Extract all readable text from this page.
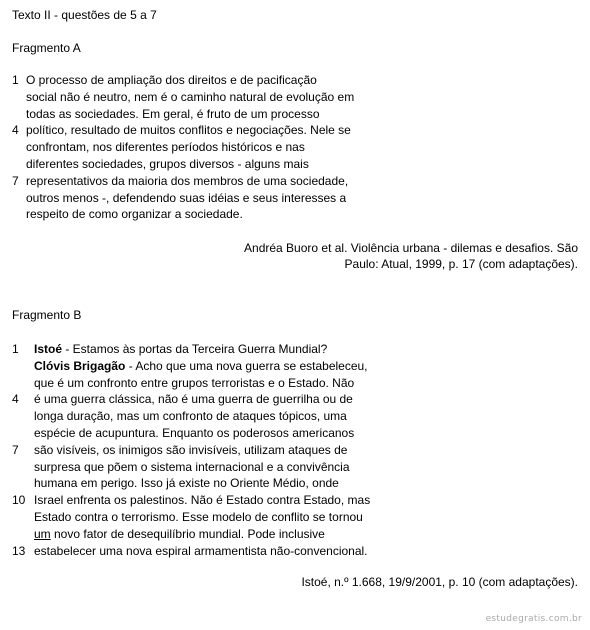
Texto II - questões de 5 a 7
Fragmento A
1 O processo de ampliação dos direitos e de pacificação
social não é neutro, nem é o caminho natural de evolução em
todas as sociedades. Em geral, é fruto de um processo
4 político, resultado de muitos conflitos e negociações. Nele se
confrontam, nos diferentes períodos históricos e nas
diferentes sociedades, grupos diversos - alguns mais
7 representativos da maioria dos membros de uma sociedade,
outros menos -, defendendo suas idéias e seus interesses a
respeito de como organizar a sociedade.
Andréa Buoro et al. Violência urbana - dilemas e desafios. São
Paulo: Atual, 1999, p. 17 (com adaptações).
Fragmento B
1	Istoé - Estamos às portas da Terceira Guerra Mundial?
Clóvis Brigagão - Acho que uma nova guerra se estabeleceu,
que é um confronto entre grupos terroristas e o Estado. Não
4	é uma guerra clássica, não é uma guerra de guerrilha ou de
longa duração, mas um confronto de ataques tópicos, uma
espécie de acupuntura. Enquanto os poderosos americanos
7	são visíveis, os inimigos são invisíveis, utilizam ataques de
surpresa que põem o sistema internacional e a convivência
humana em perigo. Isso já existe no Oriente Médio, onde
10 Israel enfrenta os palestinos. Não é Estado contra Estado, mas
Estado contra o terrorismo. Esse modelo de conflito se tornou
um novo fator de desequilíbrio mundial. Pode inclusive
13 estabelecer uma nova espiral armamentista não-convencional.
Istoé, n.º 1.668, 19/9/2001, p. 10 (com adaptações).
estudegratis.com.br
